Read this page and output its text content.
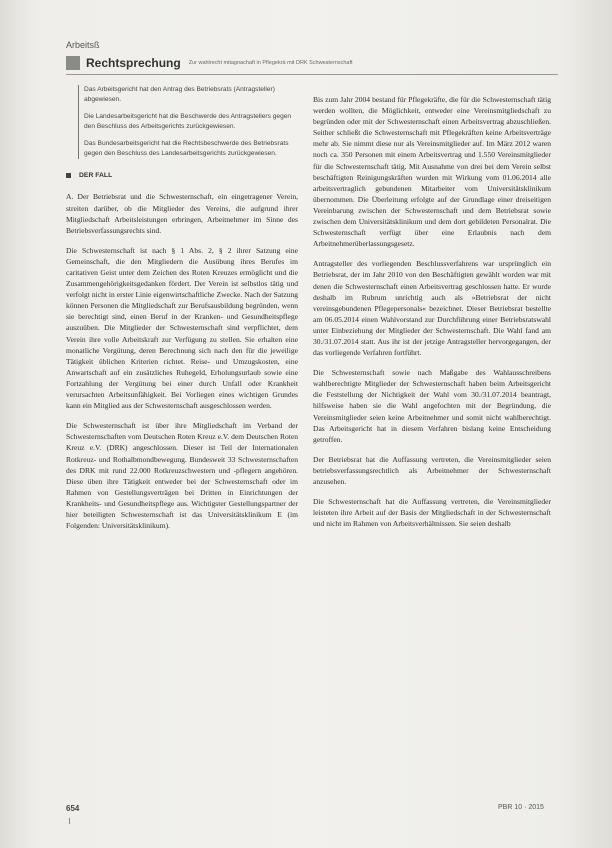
Arbeitsß
Rechtsprechung Zur wahlrecht mitagnachaft in Pflegekrä mit DRK Schwesternschaft

Das Arbeitsgericht hat den Antrag des Betriebsrats (Antragsteller) abgewiesen.

Die Landesarbeitsgericht hat die Beschwerde des Antragstellers gegen den Beschluss des Arbeitsgerichts zurückgewiesen.

Das Bundesarbeitsgericht hat die Rechtsbeschwerde des Betriebsrats gegen den Beschluss des Landesarbeitsgerichts zurückgewiesen.

DER FALL

A. Der Betriebsrat und die Schwesternschaft, ein eingetragener Verein, streiten darüber, ob die Mitglieder des Vereins, die aufgrund ihrer Mitgliedschaft Arbeitsleistungen erbringen, Arbeitnehmer im Sinne des Betriebsverfassungsrechts sind.

Die Schwesternschaft ist nach § 1 Abs. 2, § 2 ihrer Satzung eine Gemeinschaft, die den Mitgliedern die Ausübung ihres Berufes im caritativen Geist unter dem Zeichen des Roten Kreuzes ermöglicht und die Zusammengehörigkeitsgedanken fördert. Der Verein ist selbstlos tätig und verfolgt nicht in erster Linie eigenwirtschaftliche Zwecke. Nach der Satzung können Personen die Mitgliedschaft zur Berufsausbildung begründen, wenn sie berechtigt sind, einen Beruf in der Kranken- und Gesundheitspflege auszuüben. Die Mitglieder der Schwesternschaft sind verpflichtet, dem Verein ihre volle Arbeitskraft zur Verfügung zu stellen. Sie erhalten eine monatliche Vergütung, deren Berechnung sich nach den für die jeweilige Tätigkeit üblichen Kriterien richtet. Reise- und Umzugskosten, eine Anwartschaft auf ein zusätzliches Ruhegeld, Erholungsurlaub sowie eine Fortzahlung der Vergütung bei einer durch Unfall oder Krankheit verursachten Arbeitsunfähigkeit. Bei Vorliegen eines wichtigen Grundes kann ein Mitglied aus der Schwesternschaft ausgeschlossen werden.

Die Schwesternschaft ist über ihre Mitgliedschaft im Verband der Schwesternschaften vom Deutschen Roten Kreuz e.V. dem Deutschen Roten Kreuz e.V. (DRK) angeschlossen. Dieser ist Teil der Internationalen Rotkreuz- und Rothalbmondbewegung. Bundesweit 33 Schwesternschaften des DRK mit rund 22.000 Rotkreuzschwestern und -pflegern angehören. Diese üben ihre Tätigkeit entweder bei der Schwesternschaft oder im Rahmen von Gestellungsverträgen bei Dritten in Einrichtungen der Krankheits- und Gesundheitspflege aus. Wichtigster Gestellungspartner der hier beteiligten Schwesternschaft ist das Universitätsklinikum E (im Folgenden: Universitätsklinikum).

Bis zum Jahr 2004 bestand für Pflegekräfte, die für die Schwesternschaft tätig werden wollten, die Möglichkeit, entweder eine Vereinsmitgliedschaft zu begründen oder mit der Schwesternschaft einen Arbeitsvertrag abzuschließen. Seither schließt die Schwesternschaft mit Pflegekräften keine Arbeitsverträge mehr ab. Sie nimmt diese nur als Vereinsmitglieder auf. Im März 2012 waren noch ca. 350 Personen mit einem Arbeitsvertrag und 1.550 Vereinsmitglieder für die Schwesternschaft tätig. Mit Ausnahme von drei bei dem Verein selbst beschäftigten Reinigungskräften wurden mit Wirkung vom 01.06.2014 alle arbeitsvertraglich gebundenen Mitarbeiter vom Universitätsklinikum übernommen. Die Überleitung erfolgte auf der Grundlage einer dreiseitigen Vereinbarung zwischen der Schwesternschaft und dem Betriebsrat sowie zwischen dem Universitätsklinikum und dem dort gebildeten Personalrat. Die Schwesternschaft verfügt über eine Erlaubnis nach dem Arbeitnehmerüberlassungsgesetz.

Antragsteller des vorliegenden Beschlussverfahrens war ursprünglich ein Betriebsrat, der im Jahr 2010 von den Beschäftigten gewählt worden war mit denen die Schwesternschaft einen Arbeitsvertrag geschlossen hatte. Er wurde deshalb im Rubrum unrichtig auch als »Betriebsrat der nicht vereinsgebundenen Pflegepersonals« bezeichnet. Dieser Betriebsrat bestellte am 06.05.2014 einen Wahlvorstand zur Durchführung einer Betriebsratswahl unter Einbeziehung der Mitglieder der Schwesternschaft. Die Wahl fand am 30./31.07.2014 statt. Aus ihr ist der jetzige Antragsteller hervorgegangen, der das vorliegende Verfahren fortführt.

Die Schwesternschaft sowie nach Maßgabe des Wahlausschreibens wahlberechtigte Mitglieder der Schwesternschaft haben beim Arbeitsgericht die Feststellung der Nichtigkeit der Wahl vom 30./31.07.2014 beantragt, hilfsweise haben sie die Wahl angefochten mit der Begründung, die Vereinsmitglieder seien keine Arbeitnehmer und somit nicht wahlberechtigt. Das Arbeitsgericht hat in diesem Verfahren bislang keine Entscheidung getroffen.

Der Betriebsrat hat die Auffassung vertreten, die Vereinsmitglieder seien betriebsverfassungsrechtlich als Arbeitnehmer der Schwesternschaft anzusehen.

Die Schwesternschaft hat die Auffassung vertreten, die Vereinsmitglieder leisteten ihre Arbeit auf der Basis der Mitgliedschaft in der Schwesternschaft und nicht im Rahmen von Arbeitsverhältnissen. Sie seien deshalb

654	PBR 10 · 2015
